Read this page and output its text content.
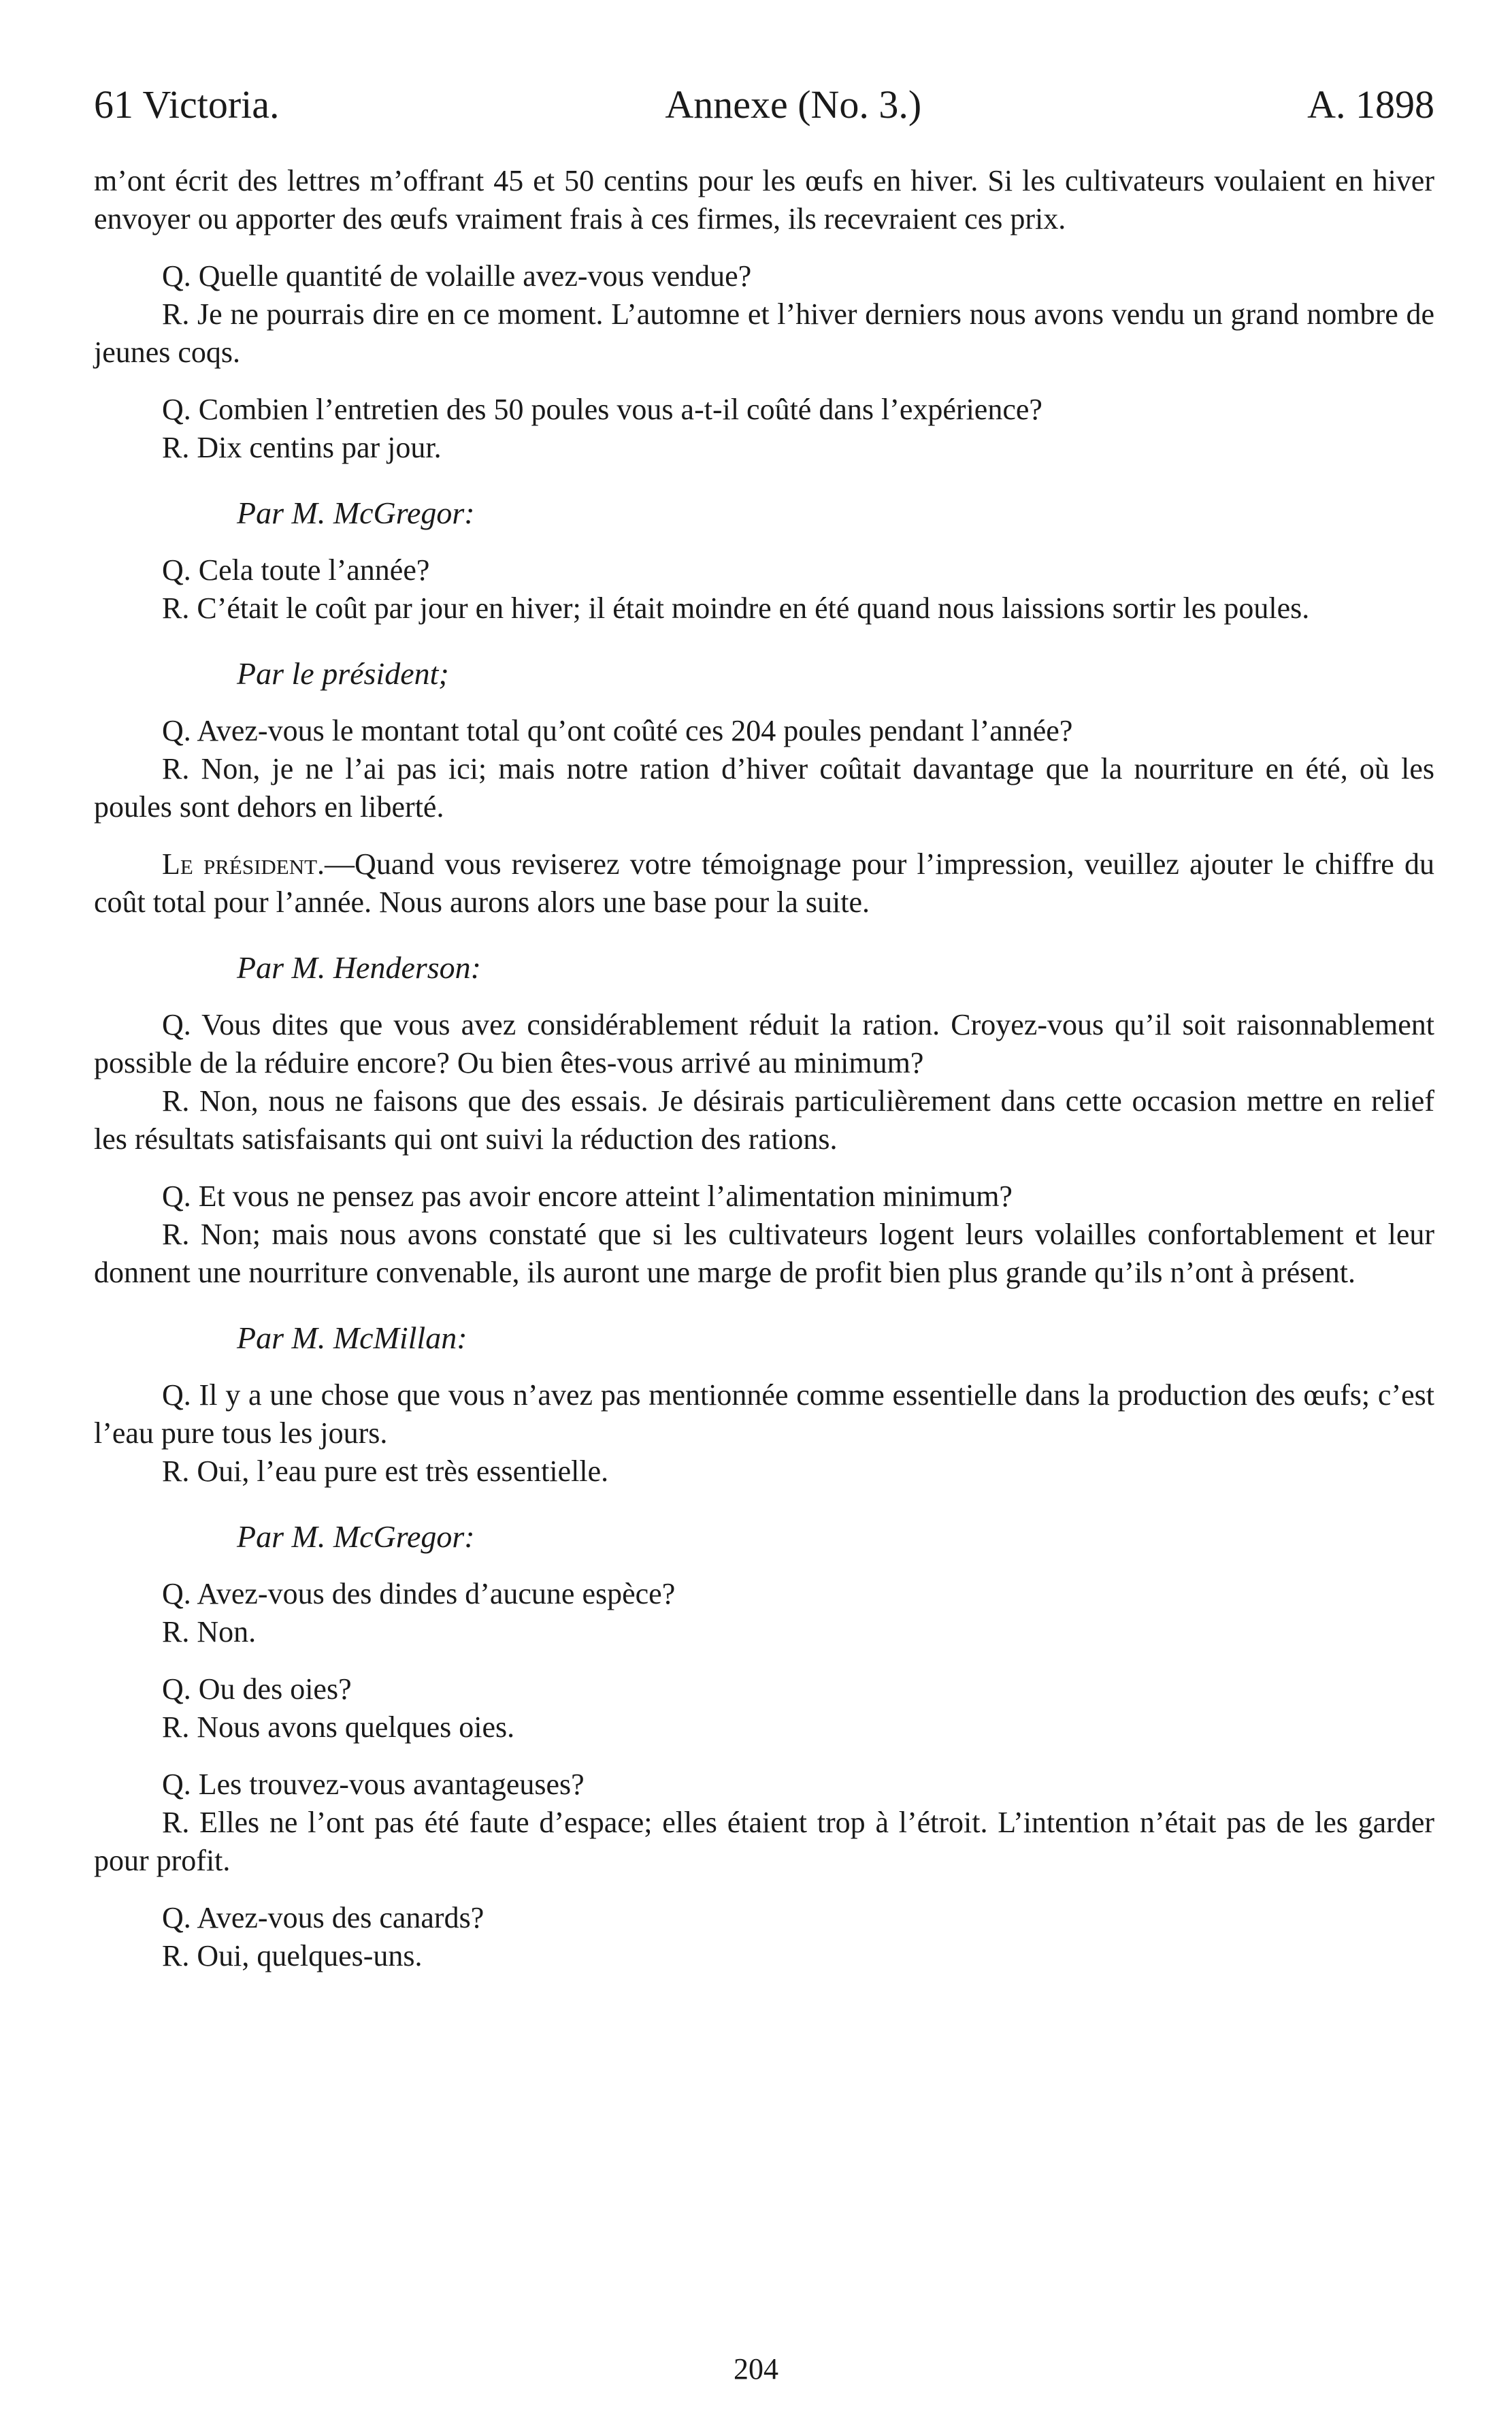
61 Victoria.	Annexe (No. 3.)	A. 1898

m’ont écrit des lettres m’offrant 45 et 50 centins pour les œufs en hiver. Si les cultivateurs voulaient en hiver envoyer ou apporter des œufs vraiment frais à ces firmes, ils recevraient ces prix.

Q. Quelle quantité de volaille avez-vous vendue?

R. Je ne pourrais dire en ce moment. L’automne et l’hiver derniers nous avons vendu un grand nombre de jeunes coqs.

Q. Combien l’entretien des 50 poules vous a-t-il coûté dans l’expérience?

R. Dix centins par jour.

Par M. McGregor:

Q. Cela toute l’année?

R. C’était le coût par jour en hiver; il était moindre en été quand nous laissions sortir les poules.

Par le président;

Q. Avez-vous le montant total qu’ont coûté ces 204 poules pendant l’année?

R. Non, je ne l’ai pas ici; mais notre ration d’hiver coûtait davantage que la nourriture en été, où les poules sont dehors en liberté.

Le président.—Quand vous reviserez votre témoignage pour l’impression, veuillez ajouter le chiffre du coût total pour l’année. Nous aurons alors une base pour la suite.

Par M. Henderson:

Q. Vous dites que vous avez considérablement réduit la ration. Croyez-vous qu’il soit raisonnablement possible de la réduire encore? Ou bien êtes-vous arrivé au minimum?

R. Non, nous ne faisons que des essais. Je désirais particulièrement dans cette occasion mettre en relief les résultats satisfaisants qui ont suivi la réduction des rations.

Q. Et vous ne pensez pas avoir encore atteint l’alimentation minimum?

R. Non; mais nous avons constaté que si les cultivateurs logent leurs volailles confortablement et leur donnent une nourriture convenable, ils auront une marge de profit bien plus grande qu’ils n’ont à présent.

Par M. McMillan:

Q. Il y a une chose que vous n’avez pas mentionnée comme essentielle dans la production des œufs; c’est l’eau pure tous les jours.

R. Oui, l’eau pure est très essentielle.

Par M. McGregor:

Q. Avez-vous des dindes d’aucune espèce?

R. Non.

Q. Ou des oies?

R. Nous avons quelques oies.

Q. Les trouvez-vous avantageuses?

R. Elles ne l’ont pas été faute d’espace; elles étaient trop à l’étroit. L’intention n’était pas de les garder pour profit.

Q. Avez-vous des canards?

R. Oui, quelques-uns.

204
